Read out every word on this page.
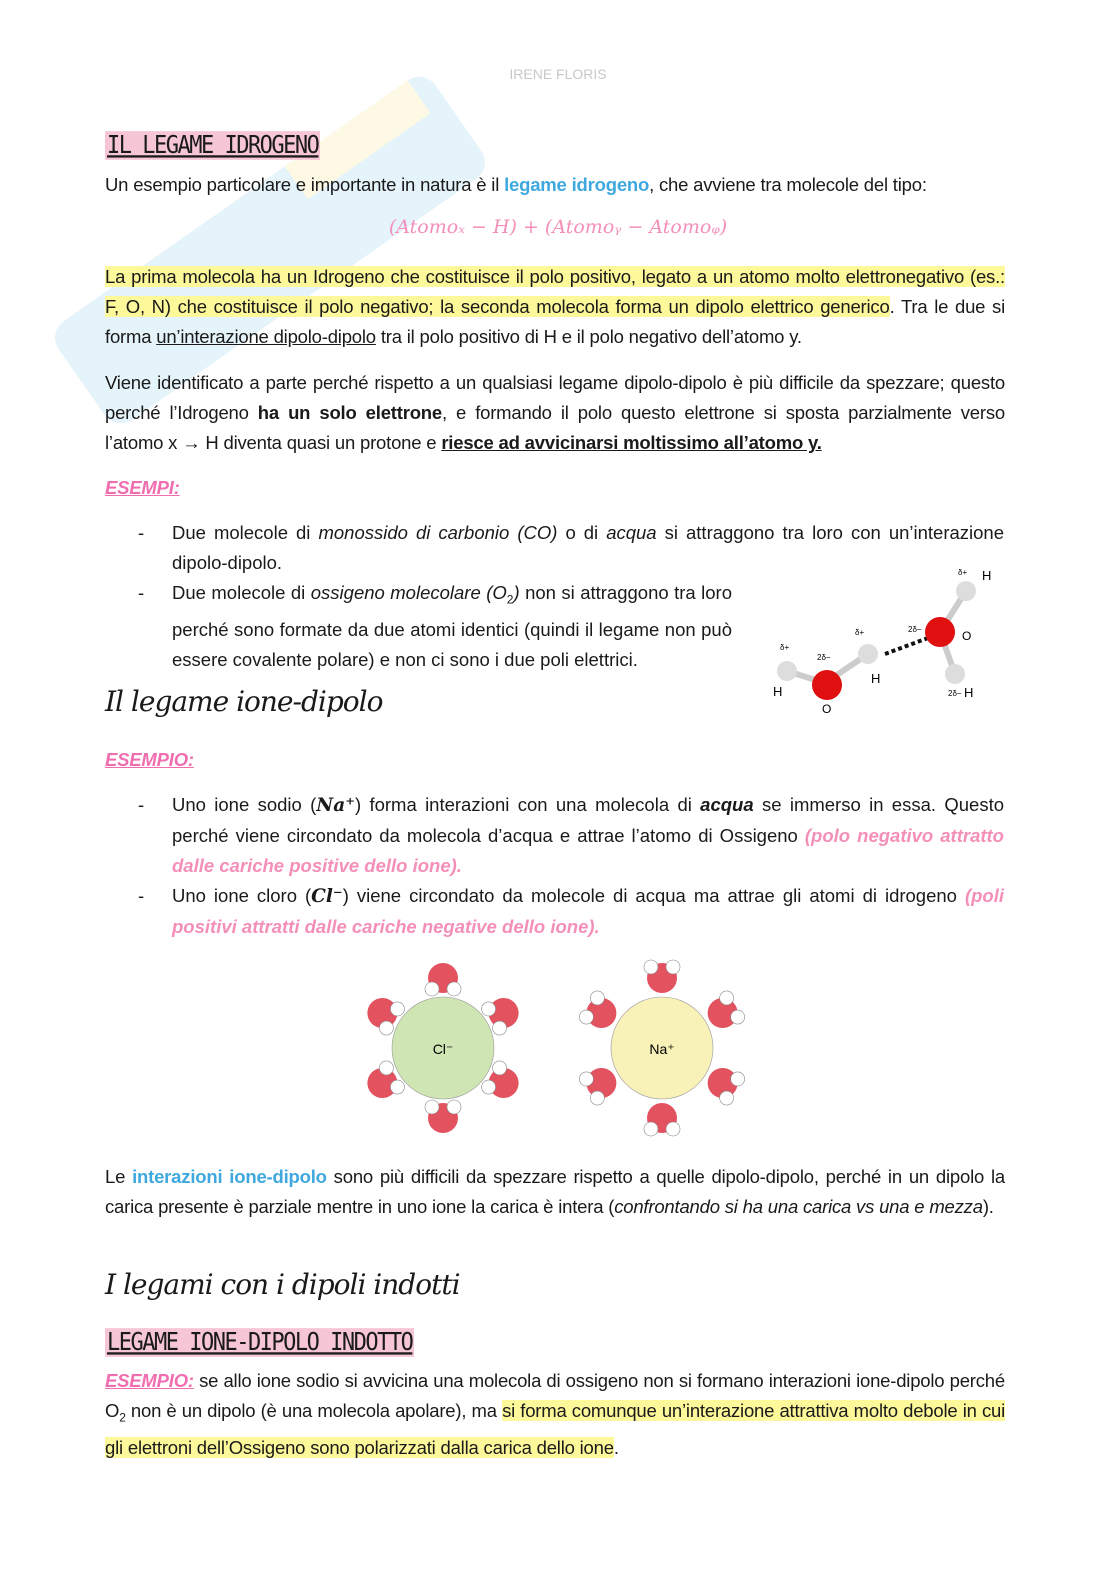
IRENE FLORIS
IL LEGAME IDROGENO
Un esempio particolare e importante in natura è il legame idrogeno, che avviene tra molecole del tipo:
(Atomoₓ − H) + (Atomoᵧ − Atomoᵩ)
La prima molecola ha un Idrogeno che costituisce il polo positivo, legato a un atomo molto elettronegativo (es.: F, O, N) che costituisce il polo negativo; la seconda molecola forma un dipolo elettrico generico. Tra le due si forma un’interazione dipolo-dipolo tra il polo positivo di H e il polo negativo dell’atomo y.
Viene identificato a parte perché rispetto a un qualsiasi legame dipolo-dipolo è più difficile da spezzare; questo perché l’Idrogeno ha un solo elettrone, e formando il polo questo elettrone si sposta parzialmente verso l’atomo x → H diventa quasi un protone e riesce ad avvicinarsi moltissimo all’atomo y.
ESEMPI:
- Due molecole di monossido di carbonio (CO) o di acqua si attraggono tra loro con un’interazione dipolo-dipolo.
- Due molecole di ossigeno molecolare $(O_2)$ non si attraggono tra loro perché sono formate da due atomi identici (quindi il legame non può essere covalente polare) e non ci sono i due poli elettrici.
δ+
2δ−
δ+	2δ−
δ+
2δ−
H
O
H
H
O
H
Il legame ione-dipolo
ESEMPIO:
- Uno ione sodio (Na⁺) forma interazioni con una molecola di acqua se immerso in essa. Questo perché viene circondato da molecola d’acqua e attrae l’atomo di Ossigeno (polo negativo attratto dalle cariche positive dello ione).
- Uno ione cloro (Cl⁻) viene circondato da molecole di acqua ma attrae gli atomi di idrogeno (poli positivi attratti dalle cariche negative dello ione).
Cl⁻	Na⁺
Le interazioni ione-dipolo sono più difficili da spezzare rispetto a quelle dipolo-dipolo, perché in un dipolo la carica presente è parziale mentre in uno ione la carica è intera (confrontando si ha una carica vs una e mezza).
I legami con i dipoli indotti
LEGAME IONE-DIPOLO INDOTTO
ESEMPIO: se allo ione sodio si avvicina una molecola di ossigeno non si formano interazioni ione-dipolo perché $O_2$ non è un dipolo (è una molecola apolare), ma si forma comunque un’interazione attrattiva molto debole in cui gli elettroni dell’Ossigeno sono polarizzati dalla carica dello ione.
